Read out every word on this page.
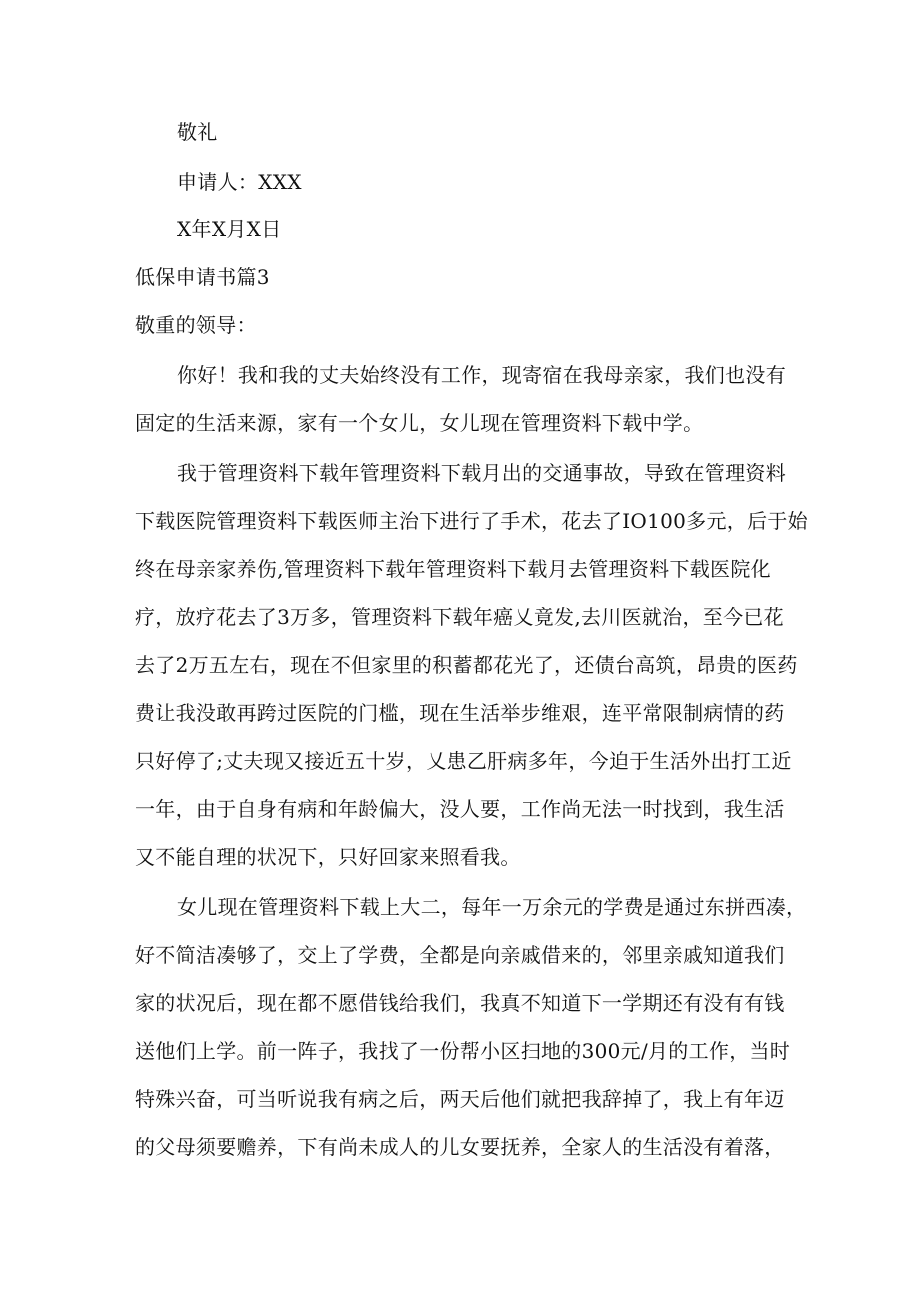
敬礼
申请人：XXX
X年X月X日
低保申请书篇3
敬重的领导：
你好！我和我的丈夫始终没有工作，现寄宿在我母亲家，我们也没有
固定的生活来源，家有一个女儿，女儿现在管理资料下载中学。
我于管理资料下载年管理资料下载月出的交通事故，导致在管理资料
下载医院管理资料下载医师主治下进行了手术，花去了IO100多元，后于始
终在母亲家养伤,管理资料下载年管理资料下载月去管理资料下载医院化
疗，放疗花去了3万多，管理资料下载年癌乂竟发,去川医就治，至今已花
去了2万五左右，现在不但家里的积蓄都花光了，还债台高筑，昂贵的医药
费让我没敢再跨过医院的门槛，现在生活举步维艰，连平常限制病情的药
只好停了;丈夫现又接近五十岁，乂患乙肝病多年，今迫于生活外出打工近
一年，由于自身有病和年龄偏大，没人要，工作尚无法一时找到，我生活
又不能自理的状况下，只好回家来照看我。
女儿现在管理资料下载上大二，每年一万余元的学费是通过东拼西凑，
好不简洁凑够了，交上了学费，全都是向亲戚借来的，邻里亲戚知道我们
家的状况后，现在都不愿借钱给我们，我真不知道下一学期还有没有有钱
送他们上学。前一阵子，我找了一份帮小区扫地的300元/月的工作，当时
特殊兴奋，可当听说我有病之后，两天后他们就把我辞掉了，我上有年迈
的父母须要赡养，下有尚未成人的儿女要抚养，全家人的生活没有着落，
